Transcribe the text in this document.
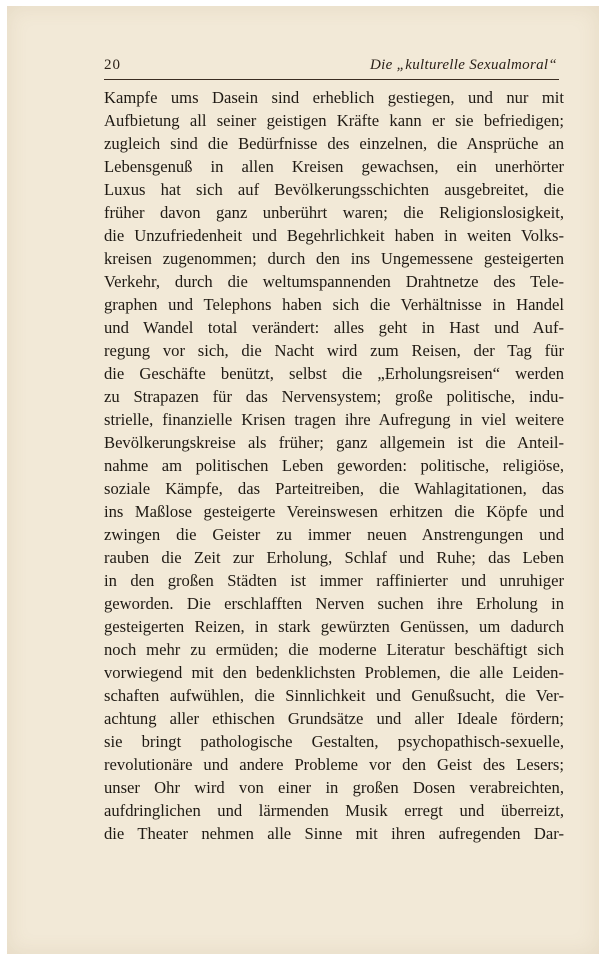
20	Die „kulturelle Sexualmoral“
Kampfe ums Dasein sind erheblich gestiegen, und nur mit
Aufbietung all seiner geistigen Kräfte kann er sie befriedigen;
zugleich sind die Bedürfnisse des einzelnen, die Ansprüche an
Lebensgenuß in allen Kreisen gewachsen, ein unerhörter
Luxus hat sich auf Bevölkerungsschichten ausgebreitet, die
früher davon ganz unberührt waren; die Religionslosigkeit,
die Unzufriedenheit und Begehrlichkeit haben in weiten Volks-
kreisen zugenommen; durch den ins Ungemessene gesteigerten
Verkehr, durch die weltumspannenden Drahtnetze des Tele-
graphen und Telephons haben sich die Verhältnisse in Handel
und Wandel total verändert: alles geht in Hast und Auf-
regung vor sich, die Nacht wird zum Reisen, der Tag für
die Geschäfte benützt, selbst die „Erholungsreisen“ werden
zu Strapazen für das Nervensystem; große politische, indu-
strielle, finanzielle Krisen tragen ihre Aufregung in viel weitere
Bevölkerungskreise als früher; ganz allgemein ist die Anteil-
nahme am politischen Leben geworden: politische, religiöse,
soziale Kämpfe, das Parteitreiben, die Wahlagitationen, das
ins Maßlose gesteigerte Vereinswesen erhitzen die Köpfe und
zwingen die Geister zu immer neuen Anstrengungen und
rauben die Zeit zur Erholung, Schlaf und Ruhe; das Leben
in den großen Städten ist immer raffinierter und unruhiger
geworden. Die erschlafften Nerven suchen ihre Erholung in
gesteigerten Reizen, in stark gewürzten Genüssen, um dadurch
noch mehr zu ermüden; die moderne Literatur beschäftigt sich
vorwiegend mit den bedenklichsten Problemen, die alle Leiden-
schaften aufwühlen, die Sinnlichkeit und Genußsucht, die Ver-
achtung aller ethischen Grundsätze und aller Ideale fördern;
sie bringt pathologische Gestalten, psychopathisch-sexuelle,
revolutionäre und andere Probleme vor den Geist des Lesers;
unser Ohr wird von einer in großen Dosen verabreichten,
aufdringlichen und lärmenden Musik erregt und überreizt,
die Theater nehmen alle Sinne mit ihren aufregenden Dar-
